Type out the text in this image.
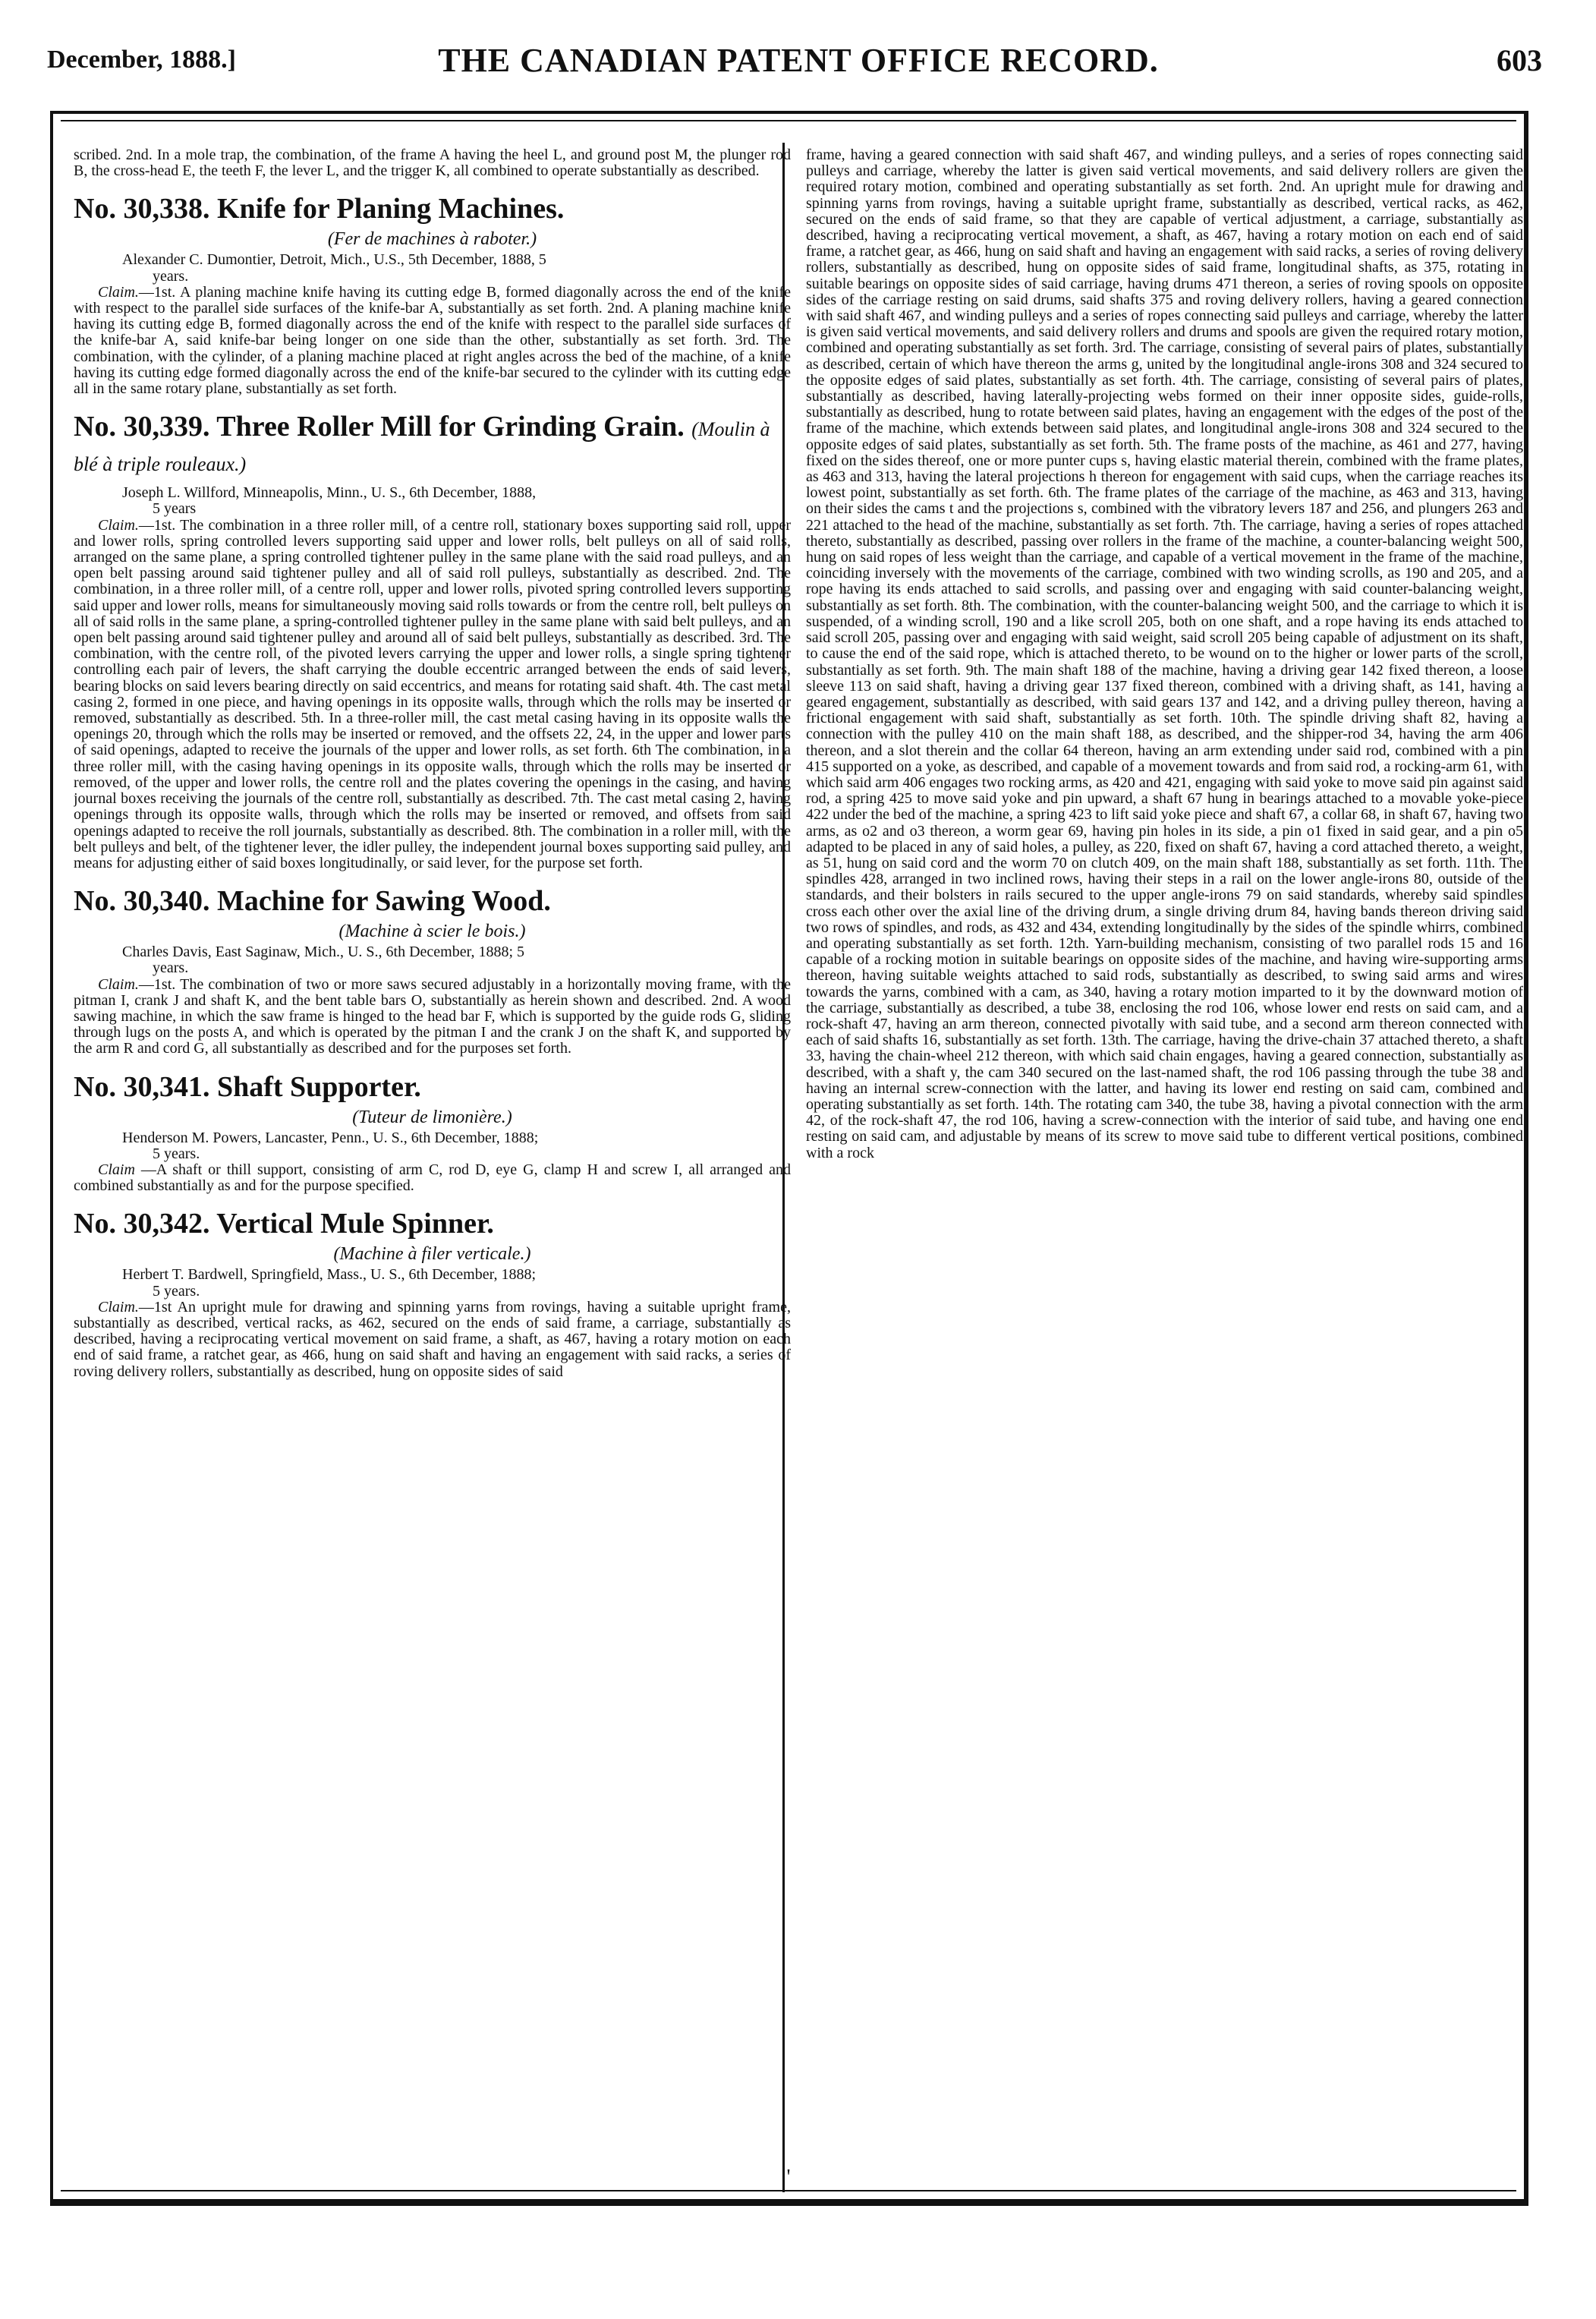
December, 1888.]	THE CANADIAN PATENT OFFICE RECORD.	603
'

scribed. 2nd. In a mole trap, the combination, of the frame A having the heel L, and ground post M, the plunger rod B, the cross-head E, the teeth F, the lever L, and the trigger K, all combined to operate substantially as described.

No. 30,338. Knife for Planing Machines.
(Fer de machines à raboter.)

Alexander C. Dumontier, Detroit, Mich., U.S., 5th December, 1888, 5
years.

Claim.—1st. A planing machine knife having its cutting edge B, formed diagonally across the end of the knife with respect to the parallel side surfaces of the knife-bar A, substantially as set forth. 2nd. A planing machine knife having its cutting edge B, formed diagonally across the end of the knife with respect to the parallel side surfaces of the knife-bar A, said knife-bar being longer on one side than the other, substantially as set forth. 3rd. The combination, with the cylinder, of a planing machine placed at right angles across the bed of the machine, of a knife having its cutting edge formed diagonally across the end of the knife-bar secured to the cylinder with its cutting edge all in the same rotary plane, substantially as set forth.

No. 30,339. Three Roller Mill for Grinding Grain. (Moulin à blé à triple rouleaux.)

Joseph L. Willford, Minneapolis, Minn., U. S., 6th December, 1888,
5 years

Claim.—1st. The combination in a three roller mill, of a centre roll, stationary boxes supporting said roll, upper and lower rolls, spring controlled levers supporting said upper and lower rolls, belt pulleys on all of said rolls, arranged on the same plane, a spring controlled tightener pulley in the same plane with the said road pulleys, and an open belt passing around said tightener pulley and all of said roll pulleys, substantially as described. 2nd. The combination, in a three roller mill, of a centre roll, upper and lower rolls, pivoted spring controlled levers supporting said upper and lower rolls, means for simultaneously moving said rolls towards or from the centre roll, belt pulleys on all of said rolls in the same plane, a spring-controlled tightener pulley in the same plane with said belt pulleys, and an open belt passing around said tightener pulley and around all of said belt pulleys, substantially as described. 3rd. The combination, with the centre roll, of the pivoted levers carrying the upper and lower rolls, a single spring tightener controlling each pair of levers, the shaft carrying the double eccentric arranged between the ends of said levers, bearing blocks on said levers bearing directly on said eccentrics, and means for rotating said shaft. 4th. The cast metal casing 2, formed in one piece, and having openings in its opposite walls, through which the rolls may be inserted or removed, substantially as described. 5th. In a three-roller mill, the cast metal casing having in its opposite walls the openings 20, through which the rolls may be inserted or removed, and the offsets 22, 24, in the upper and lower parts of said openings, adapted to receive the journals of the upper and lower rolls, as set forth. 6th The combination, in a three roller mill, with the casing having openings in its opposite walls, through which the rolls may be inserted or removed, of the upper and lower rolls, the centre roll and the plates covering the openings in the casing, and having journal boxes receiving the journals of the centre roll, substantially as described. 7th. The cast metal casing 2, having openings through its opposite walls, through which the rolls may be inserted or removed, and offsets from said openings adapted to receive the roll journals, substantially as described. 8th. The combination in a roller mill, with the belt pulleys and belt, of the tightener lever, the idler pulley, the independent journal boxes supporting said pulley, and means for adjusting either of said boxes longitudinally, or said lever, for the purpose set forth.

No. 30,340. Machine for Sawing Wood.
(Machine à scier le bois.)

Charles Davis, East Saginaw, Mich., U. S., 6th December, 1888; 5
years.

Claim.—1st. The combination of two or more saws secured adjustably in a horizontally moving frame, with the pitman I, crank J and shaft K, and the bent table bars O, substantially as herein shown and described. 2nd. A wood sawing machine, in which the saw frame is hinged to the head bar F, which is supported by the guide rods G, sliding through lugs on the posts A, and which is operated by the pitman I and the crank J on the shaft K, and supported by the arm R and cord G, all substantially as described and for the purposes set forth.

No. 30,341. Shaft Supporter.
(Tuteur de limonière.)

Henderson M. Powers, Lancaster, Penn., U. S., 6th December, 1888;
5 years.

Claim —A shaft or thill support, consisting of arm C, rod D, eye G, clamp H and screw I, all arranged and combined substantially as and for the purpose specified.

No. 30,342. Vertical Mule Spinner.
(Machine à filer verticale.)

Herbert T. Bardwell, Springfield, Mass., U. S., 6th December, 1888;
5 years.

Claim.—1st An upright mule for drawing and spinning yarns from rovings, having a suitable upright frame, substantially as described, vertical racks, as 462, secured on the ends of said frame, a carriage, substantially as described, having a reciprocating vertical movement on said frame, a shaft, as 467, having a rotary motion on each end of said frame, a ratchet gear, as 466, hung on said shaft and having an engagement with said racks, a series of roving delivery rollers, substantially as described, hung on opposite sides of said

frame, having a geared connection with said shaft 467, and winding pulleys, and a series of ropes connecting said pulleys and carriage, whereby the latter is given said vertical movements, and said delivery rollers are given the required rotary motion, combined and operating substantially as set forth. 2nd. An upright mule for drawing and spinning yarns from rovings, having a suitable upright frame, substantially as described, vertical racks, as 462, secured on the ends of said frame, so that they are capable of vertical adjustment, a carriage, substantially as described, having a reciprocating vertical movement, a shaft, as 467, having a rotary motion on each end of said frame, a ratchet gear, as 466, hung on said shaft and having an engagement with said racks, a series of roving delivery rollers, substantially as described, hung on opposite sides of said frame, longitudinal shafts, as 375, rotating in suitable bearings on opposite sides of said carriage, having drums 471 thereon, a series of roving spools on opposite sides of the carriage resting on said drums, said shafts 375 and roving delivery rollers, having a geared connection with said shaft 467, and winding pulleys and a series of ropes connecting said pulleys and carriage, whereby the latter is given said vertical movements, and said delivery rollers and drums and spools are given the required rotary motion, combined and operating substantially as set forth. 3rd. The carriage, consisting of several pairs of plates, substantially as described, certain of which have thereon the arms g, united by the longitudinal angle-irons 308 and 324 secured to the opposite edges of said plates, substantially as set forth. 4th. The carriage, consisting of several pairs of plates, substantially as described, having laterally-projecting webs formed on their inner opposite sides, guide-rolls, substantially as described, hung to rotate between said plates, having an engagement with the edges of the post of the frame of the machine, which extends between said plates, and longitudinal angle-irons 308 and 324 secured to the opposite edges of said plates, substantially as set forth. 5th. The frame posts of the machine, as 461 and 277, having fixed on the sides thereof, one or more punter cups s, having elastic material therein, combined with the frame plates, as 463 and 313, having the lateral projections h thereon for engagement with said cups, when the carriage reaches its lowest point, substantially as set forth. 6th. The frame plates of the carriage of the machine, as 463 and 313, having on their sides the cams t and the projections s, combined with the vibratory levers 187 and 256, and plungers 263 and 221 attached to the head of the machine, substantially as set forth. 7th. The carriage, having a series of ropes attached thereto, substantially as described, passing over rollers in the frame of the machine, a counter-balancing weight 500, hung on said ropes of less weight than the carriage, and capable of a vertical movement in the frame of the machine, coinciding inversely with the movements of the carriage, combined with two winding scrolls, as 190 and 205, and a rope having its ends attached to said scrolls, and passing over and engaging with said counter-balancing weight, substantially as set forth. 8th. The combination, with the counter-balancing weight 500, and the carriage to which it is suspended, of a winding scroll, 190 and a like scroll 205, both on one shaft, and a rope having its ends attached to said scroll 205, passing over and engaging with said weight, said scroll 205 being capable of adjustment on its shaft, to cause the end of the said rope, which is attached thereto, to be wound on to the higher or lower parts of the scroll, substantially as set forth. 9th. The main shaft 188 of the machine, having a driving gear 142 fixed thereon, a loose sleeve 113 on said shaft, having a driving gear 137 fixed thereon, combined with a driving shaft, as 141, having a geared engagement, substantially as described, with said gears 137 and 142, and a driving pulley thereon, having a frictional engagement with said shaft, substantially as set forth. 10th. The spindle driving shaft 82, having a connection with the pulley 410 on the main shaft 188, as described, and the shipper-rod 34, having the arm 406 thereon, and a slot therein and the collar 64 thereon, having an arm extending under said rod, combined with a pin 415 supported on a yoke, as described, and capable of a movement towards and from said rod, a rocking-arm 61, with which said arm 406 engages two rocking arms, as 420 and 421, engaging with said yoke to move said pin against said rod, a spring 425 to move said yoke and pin upward, a shaft 67 hung in bearings attached to a movable yoke-piece 422 under the bed of the machine, a spring 423 to lift said yoke piece and shaft 67, a collar 68, in shaft 67, having two arms, as o2 and o3 thereon, a worm gear 69, having pin holes in its side, a pin o1 fixed in said gear, and a pin o5 adapted to be placed in any of said holes, a pulley, as 220, fixed on shaft 67, having a cord attached thereto, a weight, as 51, hung on said cord and the worm 70 on clutch 409, on the main shaft 188, substantially as set forth. 11th. The spindles 428, arranged in two inclined rows, having their steps in a rail on the lower angle-irons 80, outside of the standards, and their bolsters in rails secured to the upper angle-irons 79 on said standards, whereby said spindles cross each other over the axial line of the driving drum, a single driving drum 84, having bands thereon driving said two rows of spindles, and rods, as 432 and 434, extending longitudinally by the sides of the spindle whirrs, combined and operating substantially as set forth. 12th. Yarn-building mechanism, consisting of two parallel rods 15 and 16 capable of a rocking motion in suitable bearings on opposite sides of the machine, and having wire-supporting arms thereon, having suitable weights attached to said rods, substantially as described, to swing said arms and wires towards the yarns, combined with a cam, as 340, having a rotary motion imparted to it by the downward motion of the carriage, substantially as described, a tube 38, enclosing the rod 106, whose lower end rests on said cam, and a rock-shaft 47, having an arm thereon, connected pivotally with said tube, and a second arm thereon connected with each of said shafts 16, substantially as set forth. 13th. The carriage, having the drive-chain 37 attached thereto, a shaft 33, having the chain-wheel 212 thereon, with which said chain engages, having a geared connection, substantially as described, with a shaft y, the cam 340 secured on the last-named shaft, the rod 106 passing through the tube 38 and having an internal screw-connection with the latter, and having its lower end resting on said cam, combined and operating substantially as set forth. 14th. The rotating cam 340, the tube 38, having a pivotal connection with the arm 42, of the rock-shaft 47, the rod 106, having a screw-connection with the interior of said tube, and having one end resting on said cam, and adjustable by means of its screw to move said tube to different vertical positions, combined with a rock
